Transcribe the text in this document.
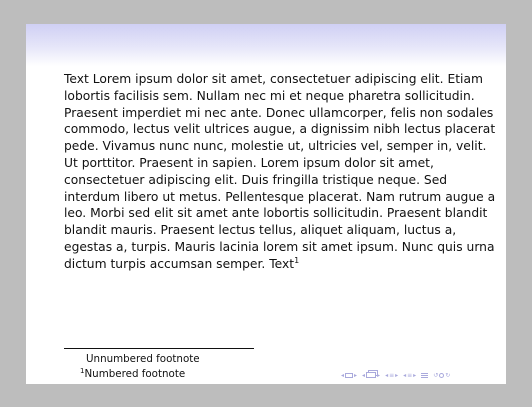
Text Lorem ipsum dolor sit amet, consectetuer adipiscing elit. Etiam lobortis facilisis sem. Nullam nec mi et neque pharetra sollicitudin. Praesent imperdiet mi nec ante. Donec ullamcorper, felis non sodales commodo, lectus velit ultrices augue, a dignissim nibh lectus placerat pede. Vivamus nunc nunc, molestie ut, ultricies vel, semper in, velit. Ut porttitor. Praesent in sapien. Lorem ipsum dolor sit amet, consectetuer adipiscing elit. Duis fringilla tristique neque. Sed interdum libero ut metus. Pellentesque placerat. Nam rutrum augue a leo. Morbi sed elit sit amet ante lobortis sollicitudin. Praesent blandit blandit mauris. Praesent lectus tellus, aliquet aliquam, luctus a, egestas a, turpis. Mauris lacinia lorem sit amet ipsum. Nunc quis urna dictum turpis accumsan semper. Text$^1$

Unnumbered footnote
$^1$Numbered footnote	◂ ▸ ◂ ▸ ◂ ≡ ▸ ◂ ≡ ▸	↺ ↻
